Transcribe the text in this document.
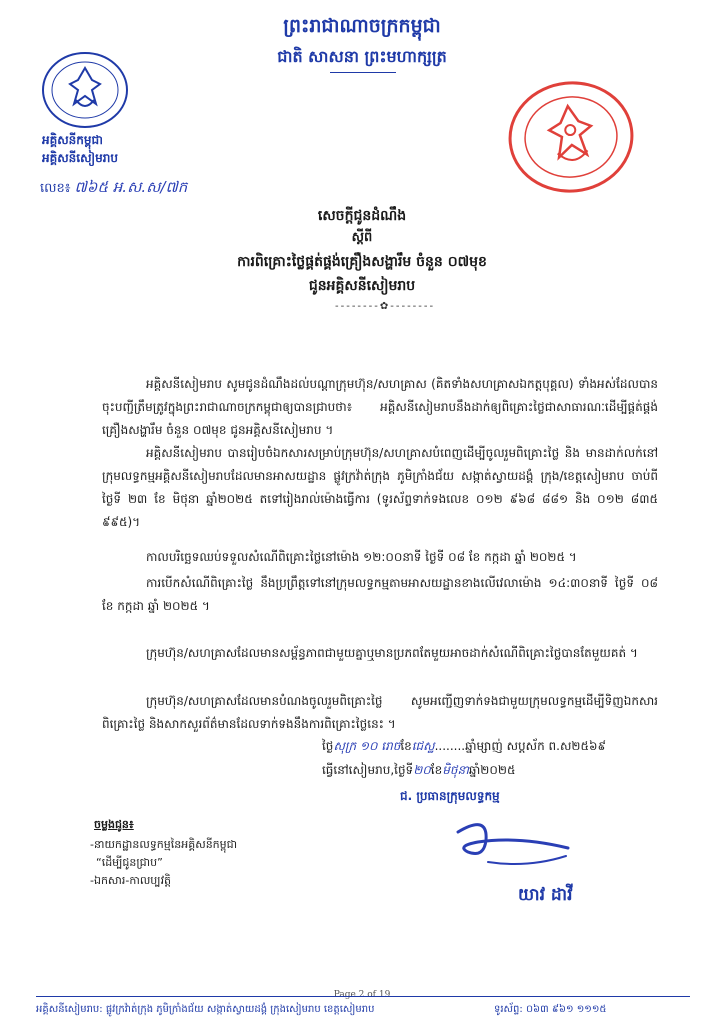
ព្រះរាជាណាចក្រកម្ពុជា
ជាតិ សាសនា ព្រះមហាក្សត្រ
អគ្គិសនីកម្ពុជា
អគ្គិសនីសៀមរាប
លេខ៖ ៧៦៥ អ.ស.ស/៧ក
សេចក្តីជូនដំណឹង
ស្តីពី
ការពិគ្រោះថ្លៃផ្គត់ផ្គង់គ្រឿងសង្ហារឹម ចំនួន ០៧មុខ
ជូនអគ្គិសនីសៀមរាប
--------✿--------

អគ្គិសនីសៀមរាប សូមជូនដំណឹងដល់បណ្តាក្រុមហ៊ុន/សហគ្រាស (គិតទាំងសហគ្រាសឯកត្តបុគ្គល) ទាំងអស់ដែលបានចុះបញ្ជីត្រឹមត្រូវក្នុងព្រះរាជាណាចក្រកម្ពុជាឲ្យបានជ្រាបថា៖ អគ្គិសនីសៀមរាបនឹងដាក់ឲ្យពិគ្រោះថ្លៃជាសាធារណៈដើម្បីផ្គត់ផ្គង់គ្រឿងសង្ហារឹម ចំនួន ០៧មុខ ជូនអគ្គិសនីសៀមរាប ។

អគ្គិសនីសៀមរាប បានរៀបចំឯកសារសម្រាប់ក្រុមហ៊ុន/សហគ្រាសបំពេញដើម្បីចូលរួមពិគ្រោះថ្លៃ និង មានដាក់លក់នៅក្រុមលទ្ធកម្មអគ្គិសនីសៀមរាបដែលមានអាសយដ្ឋាន ផ្លូវក្រវ៉ាត់ក្រុង ភូមិក្រាំងជ័យ សង្កាត់ស្វាយដង្គំ ក្រុង/ខេត្តសៀមរាប ចាប់ពីថ្ងៃទី ២៣ ខែ មិថុនា ឆ្នាំ២០២៥ តទៅរៀងរាល់ម៉ោងធ្វើការ (ទូរស័ព្ទទាក់ទងលេខ ០១២ ៩៦៨ ៨៨១ និង ០១២ ៨៣៥ ៩៩៥)។

កាលបរិច្ឆេទឈប់ទទួលសំណើពិគ្រោះថ្លៃនៅម៉ោង ១២:០០នាទី ថ្ងៃទី ០៨ ខែ កក្កដា ឆ្នាំ ២០២៥ ។

ការបើកសំណើពិគ្រោះថ្លៃ នឹងប្រព្រឹត្តទៅនៅក្រុមលទ្ធកម្មតាមអាសយដ្ឋានខាងលើវេលាម៉ោង ១៤:៣០នាទី ថ្ងៃទី ០៨ ខែ កក្កដា ឆ្នាំ ២០២៥ ។

ក្រុមហ៊ុន/សហគ្រាសដែលមានសម្ព័ន្ធភាពជាមួយគ្នាឬមានប្រភពតែមួយអាចដាក់សំណើពិគ្រោះថ្លៃបានតែមួយគត់ ។

ក្រុមហ៊ុន/សហគ្រាសដែលមានបំណងចូលរួមពិគ្រោះថ្លៃ សូមអញ្ជើញទាក់ទងជាមួយក្រុមលទ្ធកម្មដើម្បីទិញឯកសារពិគ្រោះថ្លៃ និងសាកសួរព័ត៌មានដែលទាក់ទងនឹងការពិគ្រោះថ្លៃនេះ ។

ថ្ងៃសុក្រ ១០ រោចខែជេស្ឋ........ឆ្នាំម្សាញ់ សប្តស័ក ព.ស២៥៦៩
ធ្វើនៅសៀមរាប,ថ្ងៃទី២០ខែមិថុនាឆ្នាំ២០២៥
ជ. ប្រធានក្រុមលទ្ធកម្ម
យាវ ដាវី
ចម្លងជូន៖
-នាយកដ្ឋានលទ្ធកម្មនៃអគ្គិសនីកម្ពុជា
“ដើម្បីជូនជ្រាប”
-ឯកសារ-កាលប្បវត្តិ
Page 2 of 19
អគ្គិសនីសៀមរាប: ផ្លូវក្រវ៉ាត់ក្រុង ភូមិក្រាំងជ័យ សង្កាត់ស្វាយដង្គំ ក្រុងសៀមរាប ខេត្តសៀមរាប	ទូរស័ព្ទ: ០៦៣ ៩៦១ ១១១៥
